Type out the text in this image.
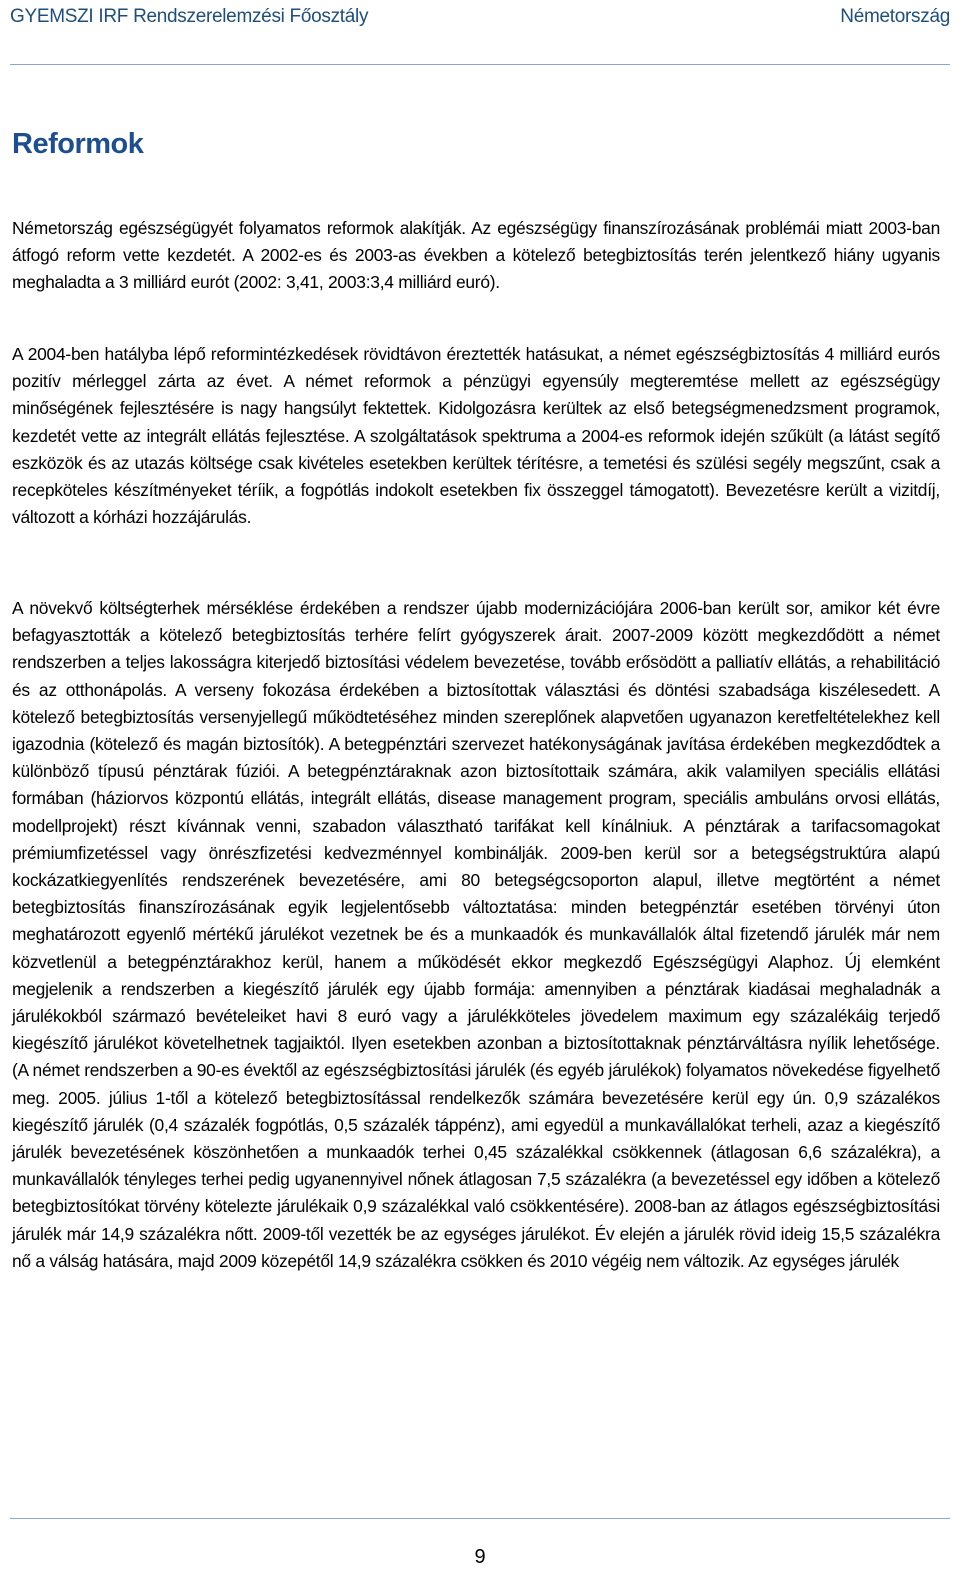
GYEMSZI IRF Rendszerelemzési Főosztály	Németország
Reformok

Németország egészségügyét folyamatos reformok alakítják. Az egészségügy finanszírozásának problémái miatt 2003-ban átfogó reform vette kezdetét. A 2002-es és 2003-as években a kötelező betegbiztosítás terén jelentkező hiány ugyanis meghaladta a 3 milliárd eurót (2002: 3,41, 2003:3,4 milliárd euró).

A 2004-ben hatályba lépő reformintézkedések rövidtávon éreztették hatásukat, a német egészségbiztosítás 4 milliárd eurós pozitív mérleggel zárta az évet. A német reformok a pénzügyi egyensúly megteremtése mellett az egészségügy minőségének fejlesztésére is nagy hangsúlyt fektettek. Kidolgozásra kerültek az első betegségmenedzsment programok, kezdetét vette az integrált ellátás fejlesztése. A szolgáltatások spektruma a 2004-es reformok idején szűkült (a látást segítő eszközök és az utazás költsége csak kivételes esetekben kerültek térítésre, a temetési és szülési segély megszűnt, csak a recepköteles készítményeket téríik, a fogpótlás indokolt esetekben fix összeggel támogatott). Bevezetésre került a vizitdíj, változott a kórházi hozzájárulás.

A növekvő költségterhek mérséklése érdekében a rendszer újabb modernizációjára 2006-ban került sor, amikor két évre befagyasztották a kötelező betegbiztosítás terhére felírt gyógyszerek árait. 2007-2009 között megkezdődött a német rendszerben a teljes lakosságra kiterjedő biztosítási védelem bevezetése, tovább erősödött a palliatív ellátás, a rehabilitáció és az otthonápolás. A verseny fokozása érdekében a biztosítottak választási és döntési szabadsága kiszélesedett. A kötelező betegbiztosítás versenyjellegű működtetéséhez minden szereplőnek alapvetően ugyanazon keretfeltételekhez kell igazodnia (kötelező és magán biztosítók). A betegpénztári szervezet hatékonyságának javítása érdekében megkezdődtek a különböző típusú pénztárak fúziói. A betegpénztáraknak azon biztosítottaik számára, akik valamilyen speciális ellátási formában (háziorvos központú ellátás, integrált ellátás, disease management program, speciális ambuláns orvosi ellátás, modellprojekt) részt kívánnak venni, szabadon választható tarifákat kell kínálniuk. A pénztárak a tarifacsomagokat prémiumfizetéssel vagy önrészfizetési kedvezménnyel kombinálják. 2009-ben kerül sor a betegségstruktúra alapú kockázatkiegyenlítés rendszerének bevezetésére, ami 80 betegségcsoporton alapul, illetve megtörtént a német betegbiztosítás finanszírozásának egyik legjelentősebb változtatása: minden betegpénztár esetében törvényi úton meghatározott egyenlő mértékű járulékot vezetnek be és a munkaadók és munkavállalók által fizetendő járulék már nem közvetlenül a betegpénztárakhoz kerül, hanem a működését ekkor megkezdő Egészségügyi Alaphoz. Új elemként megjelenik a rendszerben a kiegészítő járulék egy újabb formája: amennyiben a pénztárak kiadásai meghaladnák a járulékokból származó bevételeiket havi 8 euró vagy a járulékköteles jövedelem maximum egy százalékáig terjedő kiegészítő járulékot követelhetnek tagjaiktól. Ilyen esetekben azonban a biztosítottaknak pénztárváltásra nyílik lehetősége. (A német rendszerben a 90-es évektől az egészségbiztosítási járulék (és egyéb járulékok) folyamatos növekedése figyelhető meg. 2005. július 1-től a kötelező betegbiztosítással rendelkezők számára bevezetésére kerül egy ún. 0,9 százalékos kiegészítő járulék (0,4 százalék fogpótlás, 0,5 százalék táppénz), ami egyedül a munkavállalókat terheli, azaz a kiegészítő járulék bevezetésének köszönhetően a munkaadók terhei 0,45 százalékkal csökkennek (átlagosan 6,6 százalékra), a munkavállalók tényleges terhei pedig ugyanennyivel nőnek átlagosan 7,5 százalékra (a bevezetéssel egy időben a kötelező betegbiztosítókat törvény kötelezte járulékaik 0,9 százalékkal való csökkentésére). 2008-ban az átlagos egészségbiztosítási járulék már 14,9 százalékra nőtt. 2009-től vezették be az egységes járulékot. Év elején a járulék rövid ideig 15,5 százalékra nő a válság hatására, majd 2009 közepétől 14,9 százalékra csökken és 2010 végéig nem változik. Az egységes járulék

9
